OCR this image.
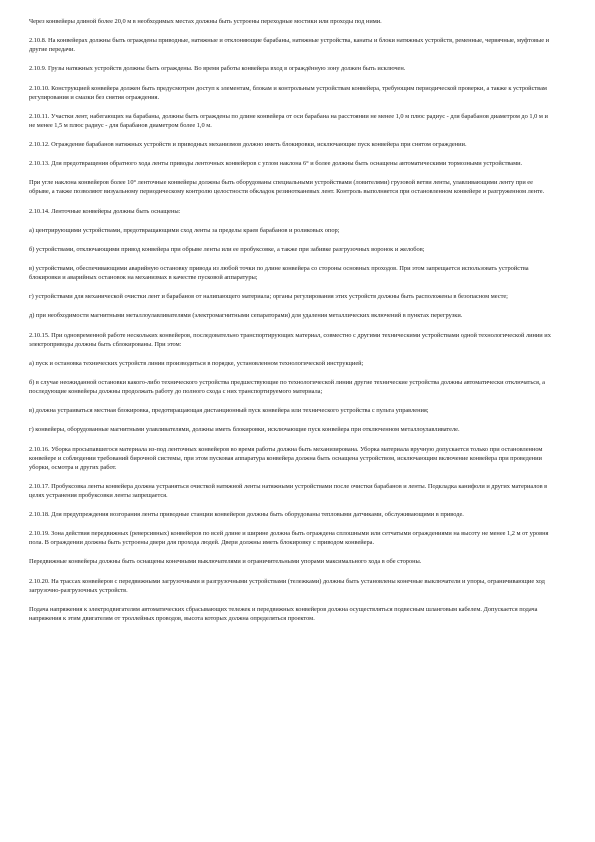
Через конвейеры длиной более 20,0 м в необходимых местах должны быть устроены переходные мостики или проходы под ними.

2.10.8. На конвейерах должны быть ограждены приводные, натяжные и отклоняющие барабаны, натяжные устройства, канаты и блоки натяжных устройств, ременные, червячные, муфтовые и другие передачи.

2.10.9. Грузы натяжных устройств должны быть ограждены. Во время работы конвейера вход в ограждённую зону должен быть исключен.

2.10.10. Конструкцией конвейера должен быть предусмотрен доступ к элементам, блокам и контрольным устройствам конвейера, требующим периодической проверки, а также к устройствам регулирования и смазки без снятия ограждения.

2.10.11. Участки лент, набегающих на барабаны, должны быть ограждены по длине конвейера от оси барабана на расстоянии не менее 1,0 м плюс радиус - для барабанов диаметром до 1,0 м и не менее 1,5 м плюс радиус - для барабанов диаметром более 1,0 м.

2.10.12. Ограждение барабанов натяжных устройств и приводных механизмов должно иметь блокировки, исключающие пуск конвейера при снятом ограждении.

2.10.13. Для предотвращения обратного хода ленты приводы ленточных конвейеров с углом наклона 6° и более должны быть оснащены автоматическими тормозными устройствами.

При угле наклона конвейеров более 10° ленточные конвейеры должны быть оборудованы специальными устройствами (ловителями) грузовой ветви ленты, улавливающими ленту при ее обрыве, а также позволяют визуальному периодическому контролю целостности обкладок резинотканевых лент. Контроль выполняется при остановленном конвейере и разгруженном ленте.

2.10.14. Ленточные конвейеры должны быть оснащены:

а) центрирующими устройствами, предотвращающими сход ленты за пределы краев барабанов и роликовых опор;

б) устройствами, отключающими привод конвейера при обрыве ленты или ее пробуксовке, а также при забивке разгрузочных воронок и желобов;

в) устройствами, обеспечивающими аварийную остановку привода из любой точки по длине конвейера со стороны основных проходов. При этом запрещается использовать устройства блокировки и аварийных остановок на механизмах в качестве пусковой аппаратуры;

г) устройствами для механической очистки лент и барабанов от налипающего материала; органы регулирования этих устройств должны быть расположены в безопасном месте;

д) при необходимости магнитными металлоулавливателями (электромагнитными сепараторами) для удаления металлических включений в пунктах перегрузки.

2.10.15. При одновременной работе нескольких конвейеров, последовательно транспортирующих материал, совместно с другими техническими устройствами одной технологической линии их электроприводы должны быть сблокированы. При этом:

а) пуск и остановка технических устройств линии производиться в порядке, установленном технологической инструкцией;

б) в случае неожиданной остановки какого-либо технического устройства предшествующие по технологической линии другие технические устройства должны автоматически отключаться, а последующие конвейеры должны продолжать работу до полного схода с них транспортируемого материала;

в) должна устраиваться местная блокировка, предотвращающая дистанционный пуск конвейера или технического устройства с пульта управления;

г) конвейеры, оборудованные магнитными улавливателями, должны иметь блокировки, исключающие пуск конвейера при отключенном металлоулавливателе.

2.10.16. Уборка просыпавшегося материала из-под ленточных конвейеров во время работы должна быть механизирована. Уборка материала вручную допускается только при остановленном конвейере и соблюдении требований бирочной системы, при этом пусковая аппаратура конвейера должна быть оснащена устройством, исключающим включение конвейера при проведении уборки, осмотра и других работ.

2.10.17. Пробуксовка ленты конвейера должна устраняться очисткой натяжной ленты натяжными устройствами после очистки барабанов и ленты. Подкладка канифоли и других материалов в целях устранения пробуксовки ленты запрещается.

2.10.18. Для предупреждения возгорания ленты приводные станции конвейеров должны быть оборудованы тепловыми датчиками, обслуживающими в приводе.

2.10.19. Зона действия передвижных (реверсивных) конвейеров по всей длине и ширине должна быть ограждена сплошными или сетчатыми ограждениями на высоту не менее 1,2 м от уровня пола. В ограждении должны быть устроены двери для прохода людей. Двери должны иметь блокировку с приводом конвейера.

Передвижные конвейеры должны быть оснащены конечными выключателями и ограничительными упорами максимального хода в обе стороны.

2.10.20. На трассах конвейеров с передвижными загрузочными и разгрузочными устройствами (тележками) должны быть установлены конечные выключатели и упоры, ограничивающие ход загрузочно-разгрузочных устройств.

Подача напряжения к электродвигателям автоматических сбрасывающих тележек и передвижных конвейеров должна осуществляться подвесным шланговым кабелем. Допускается подача напряжения к этим двигателям от троллейных проводов, высота которых должна определяться проектом.
